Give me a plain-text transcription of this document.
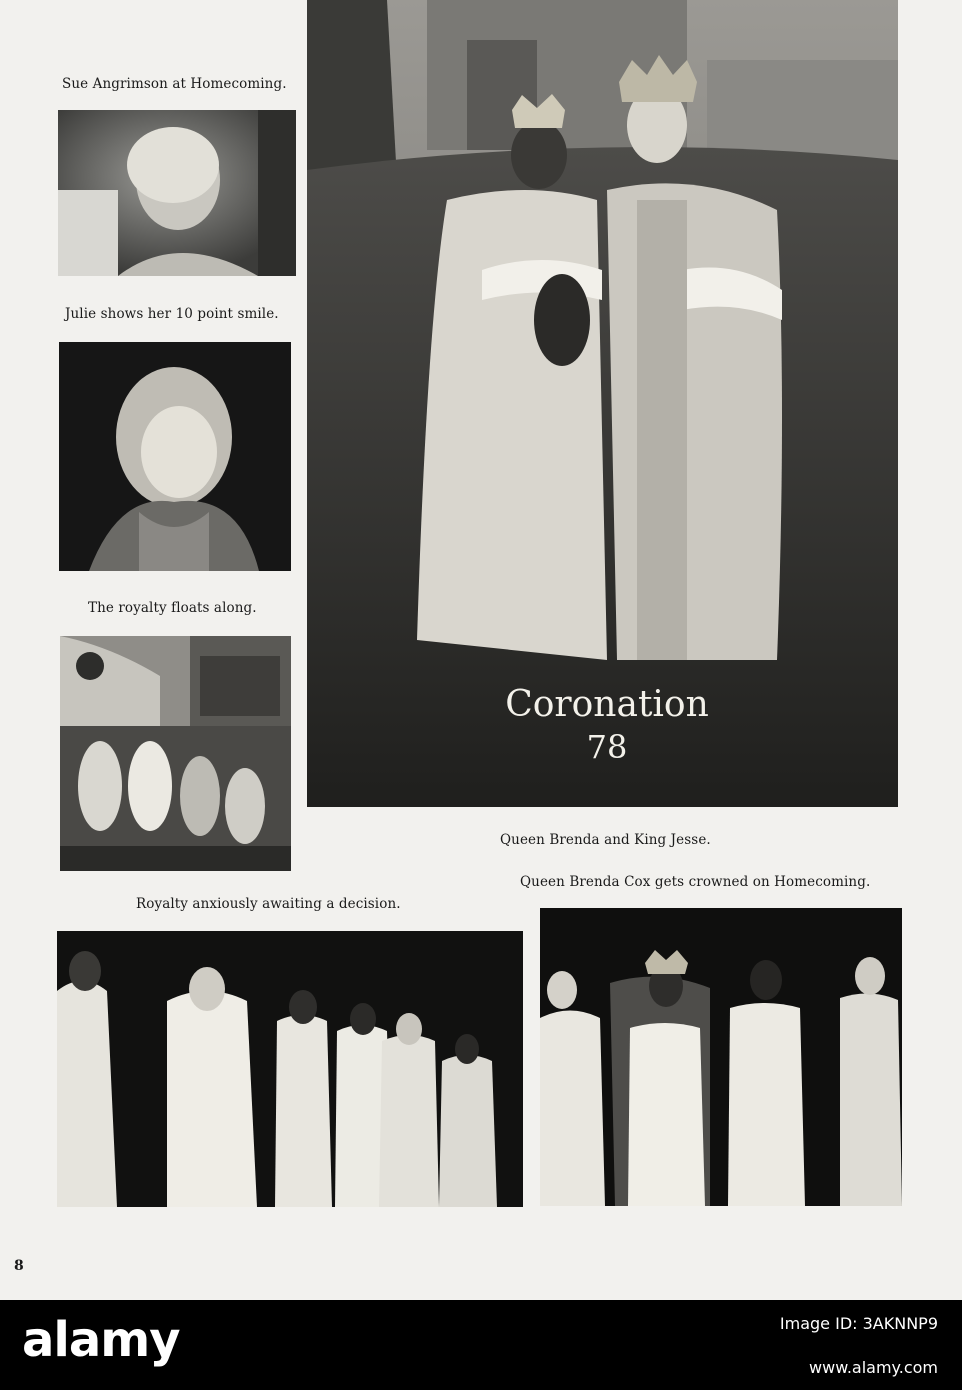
Sue Angrimson at Homecoming.
Julie shows her 10 point smile.
The royalty floats along.
Coronation
78
Queen Brenda and King Jesse.
Queen Brenda Cox gets crowned on Homecoming.
Royalty anxiously awaiting a decision.
8
alamy	Image ID: 3AKNNP9
www.alamy.com
